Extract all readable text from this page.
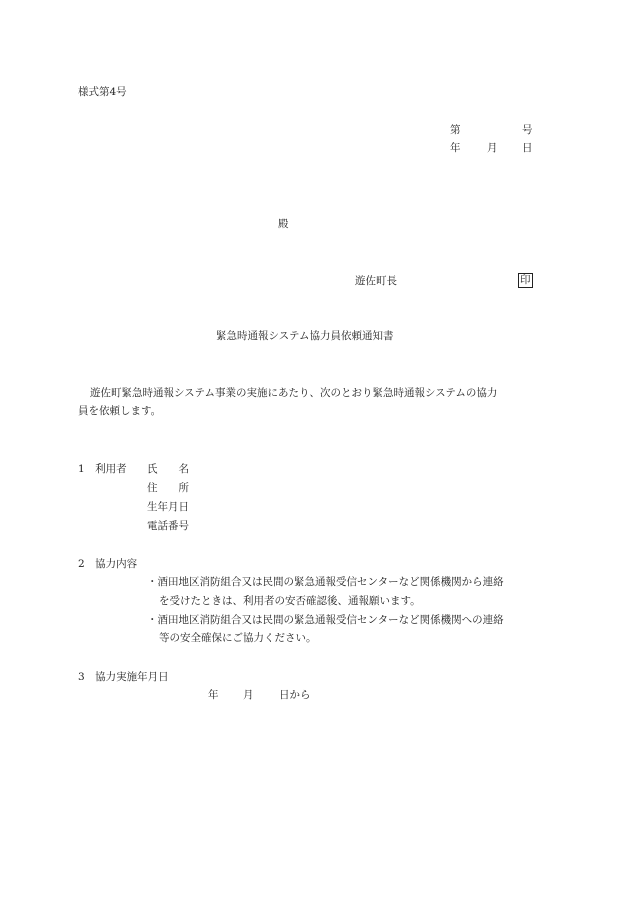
様式第4号
第	号
年	月 日
殿
遊佐町長	印
緊急時通報システム協力員依頼通知書
遊佐町緊急時通報システム事業の実施にあたり、次のとおり緊急時通報システムの協力
員を依頼します。
1　利用者 氏　　名
住　　所
生年月日
電話番号
2　協力内容
・酒田地区消防組合又は民間の緊急通報受信センターなど関係機関から連絡
を受けたときは、利用者の安否確認後、通報願います。
・酒田地区消防組合又は民間の緊急通報受信センターなど関係機関への連絡
等の安全確保にご協力ください。
3　協力実施年月日
年 月 日から
